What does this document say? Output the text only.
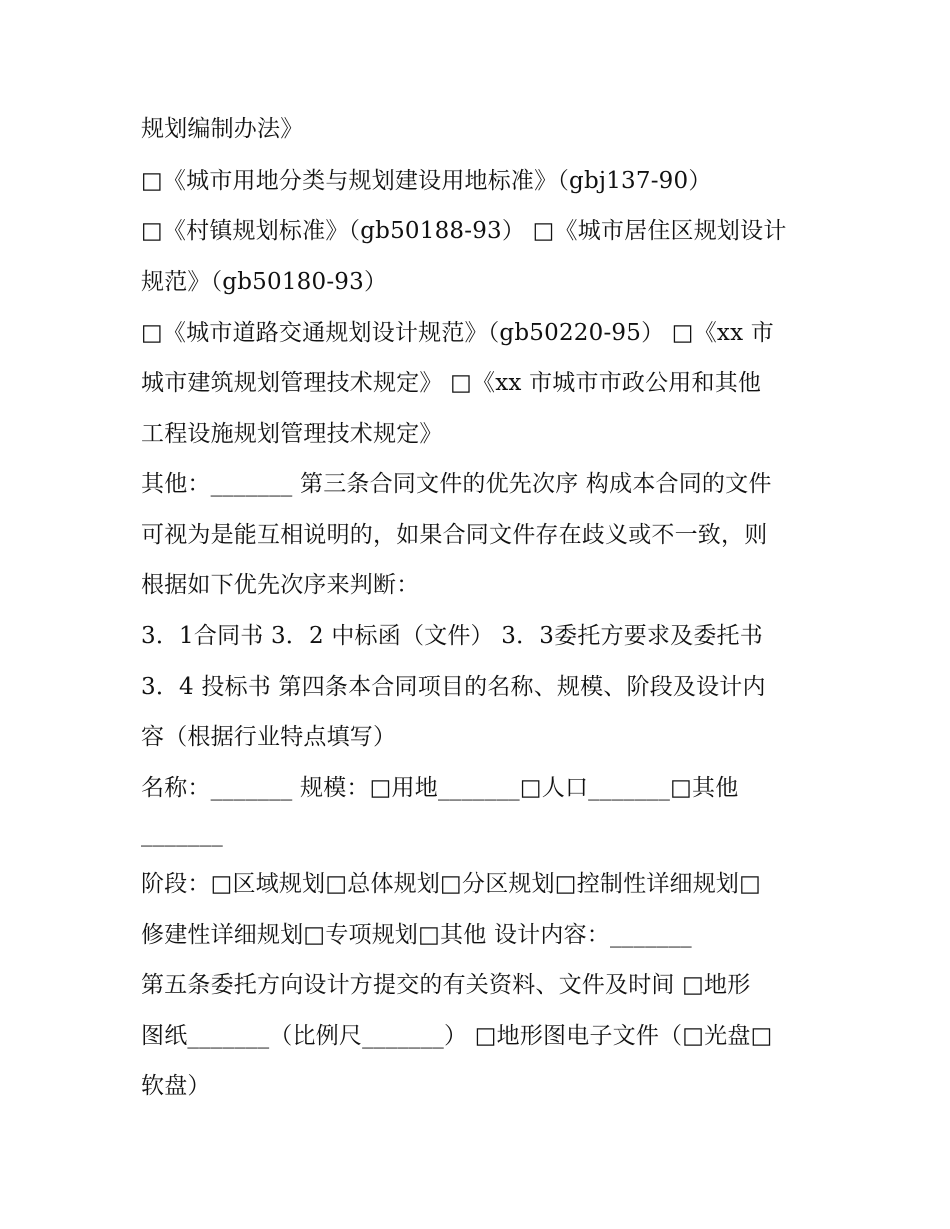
规划编制办法》
□《城市用地分类与规划建设用地标准》（gbj137-90）
□《村镇规划标准》（gb50188-93） □《城市居住区规划设计
规范》（gb50180-93）
□《城市道路交通规划设计规范》（gb50220-95） □《xx 市
城市建筑规划管理技术规定》 □《xx 市城市市政公用和其他
工程设施规划管理技术规定》
其他：_______ 第三条合同文件的优先次序 构成本合同的文件
可视为是能互相说明的，如果合同文件存在歧义或不一致，则
根据如下优先次序来判断：
3．1合同书 3．2 中标函（文件） 3．3委托方要求及委托书
3．4 投标书 第四条本合同项目的名称、规模、阶段及设计内
容（根据行业特点填写）
名称：_______ 规模：□用地_______□人口_______□其他
_______
阶段：□区域规划□总体规划□分区规划□控制性详细规划□
修建性详细规划□专项规划□其他 设计内容：_______
第五条委托方向设计方提交的有关资料、文件及时间 □地形
图纸_______（比例尺_______） □地形图电子文件（□光盘□
软盘）
